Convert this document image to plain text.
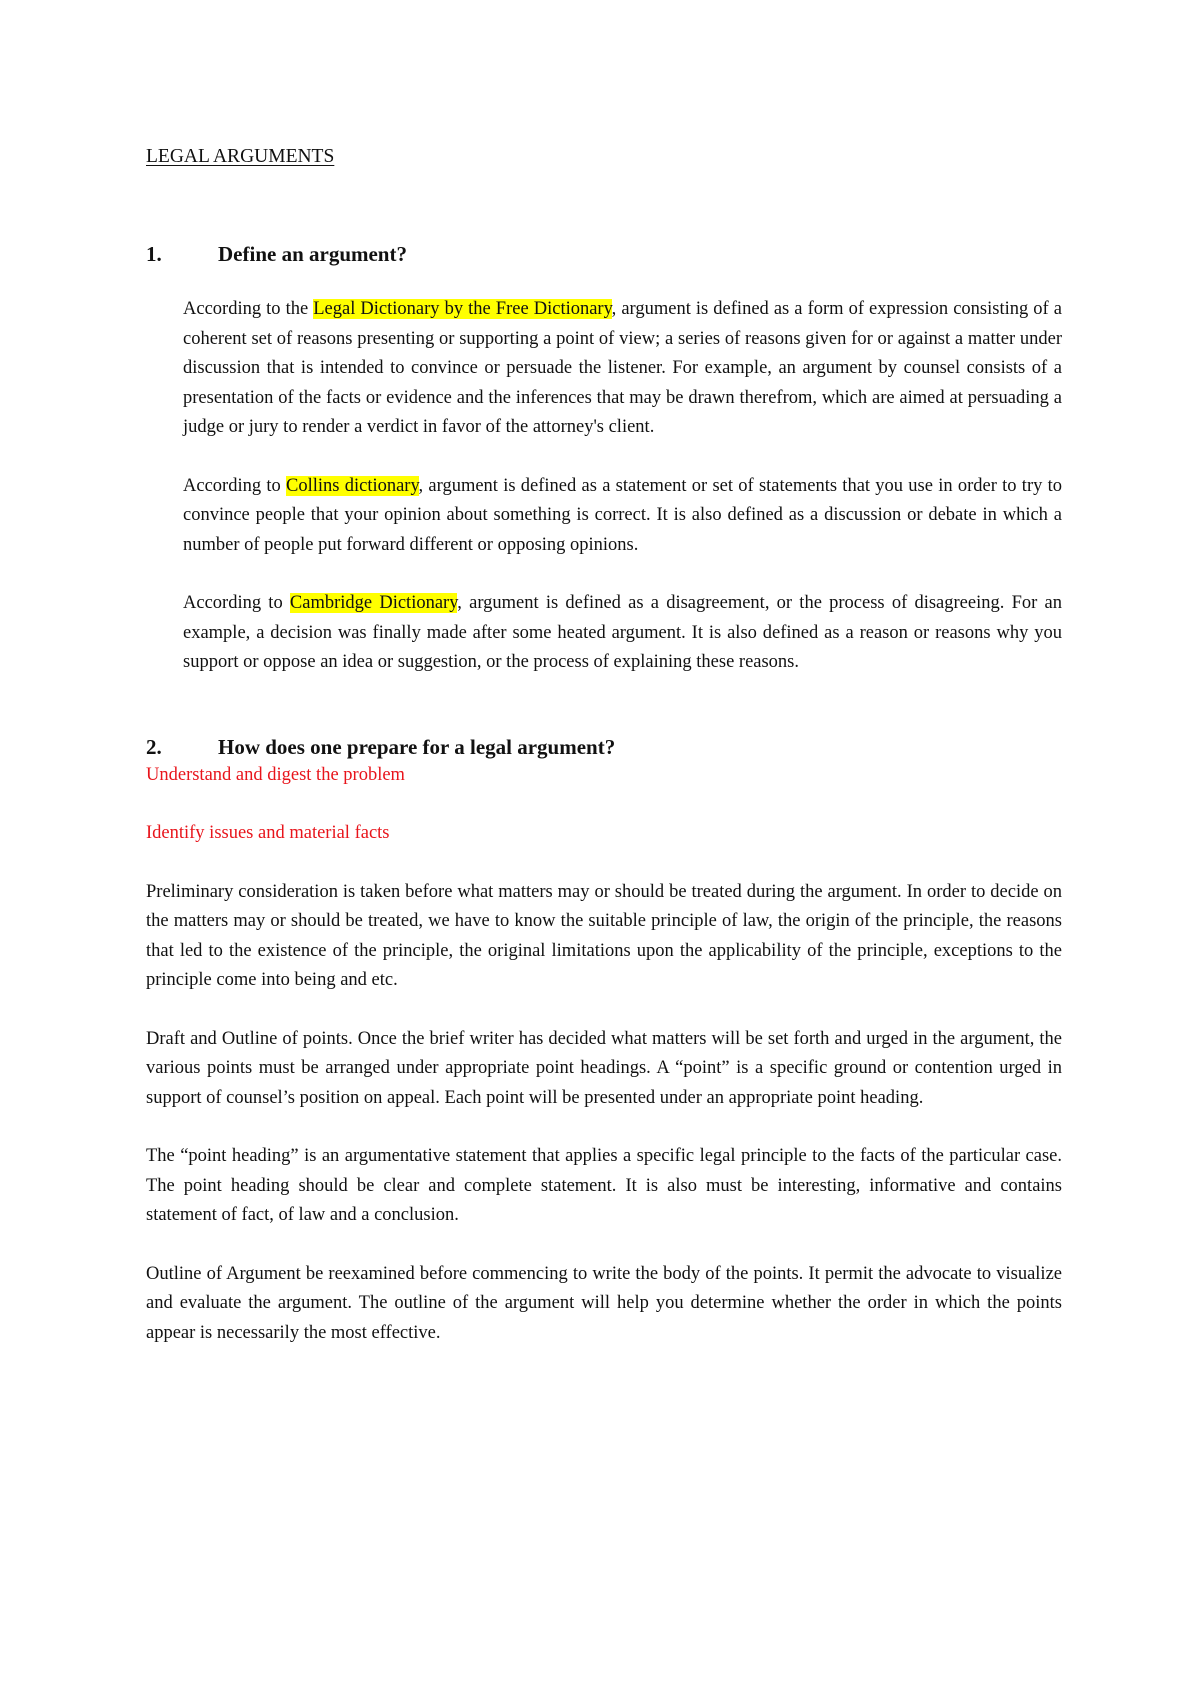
LEGAL ARGUMENTS
1.	Define an argument?

According to the Legal Dictionary by the Free Dictionary, argument is defined as a form of expression consisting of a coherent set of reasons presenting or supporting a point of view; a series of reasons given for or against a matter under discussion that is intended to convince or persuade the listener. For example, an argument by counsel consists of a presentation of the facts or evidence and the inferences that may be drawn therefrom, which are aimed at persuading a judge or jury to render a verdict in favor of the attorney's client.

According to Collins dictionary, argument is defined as a statement or set of statements that you use in order to try to convince people that your opinion about something is correct. It is also defined as a discussion or debate in which a number of people put forward different or opposing opinions.

According to Cambridge Dictionary, argument is defined as a disagreement, or the process of disagreeing. For an example, a decision was finally made after some heated argument. It is also defined as a reason or reasons why you support or oppose an idea or suggestion, or the process of explaining these reasons.

2.	How does one prepare for a legal argument?

Understand and digest the problem

Identify issues and material facts

Preliminary consideration is taken before what matters may or should be treated during the argument. In order to decide on the matters may or should be treated, we have to know the suitable principle of law, the origin of the principle, the reasons that led to the existence of the principle, the original limitations upon the applicability of the principle, exceptions to the principle come into being and etc.

Draft and Outline of points. Once the brief writer has decided what matters will be set forth and urged in the argument, the various points must be arranged under appropriate point headings. A “point” is a specific ground or contention urged in support of counsel’s position on appeal. Each point will be presented under an appropriate point heading.

The “point heading” is an argumentative statement that applies a specific legal principle to the facts of the particular case. The point heading should be clear and complete statement. It is also must be interesting, informative and contains statement of fact, of law and a conclusion.

Outline of Argument be reexamined before commencing to write the body of the points. It permit the advocate to visualize and evaluate the argument. The outline of the argument will help you determine whether the order in which the points appear is necessarily the most effective.
